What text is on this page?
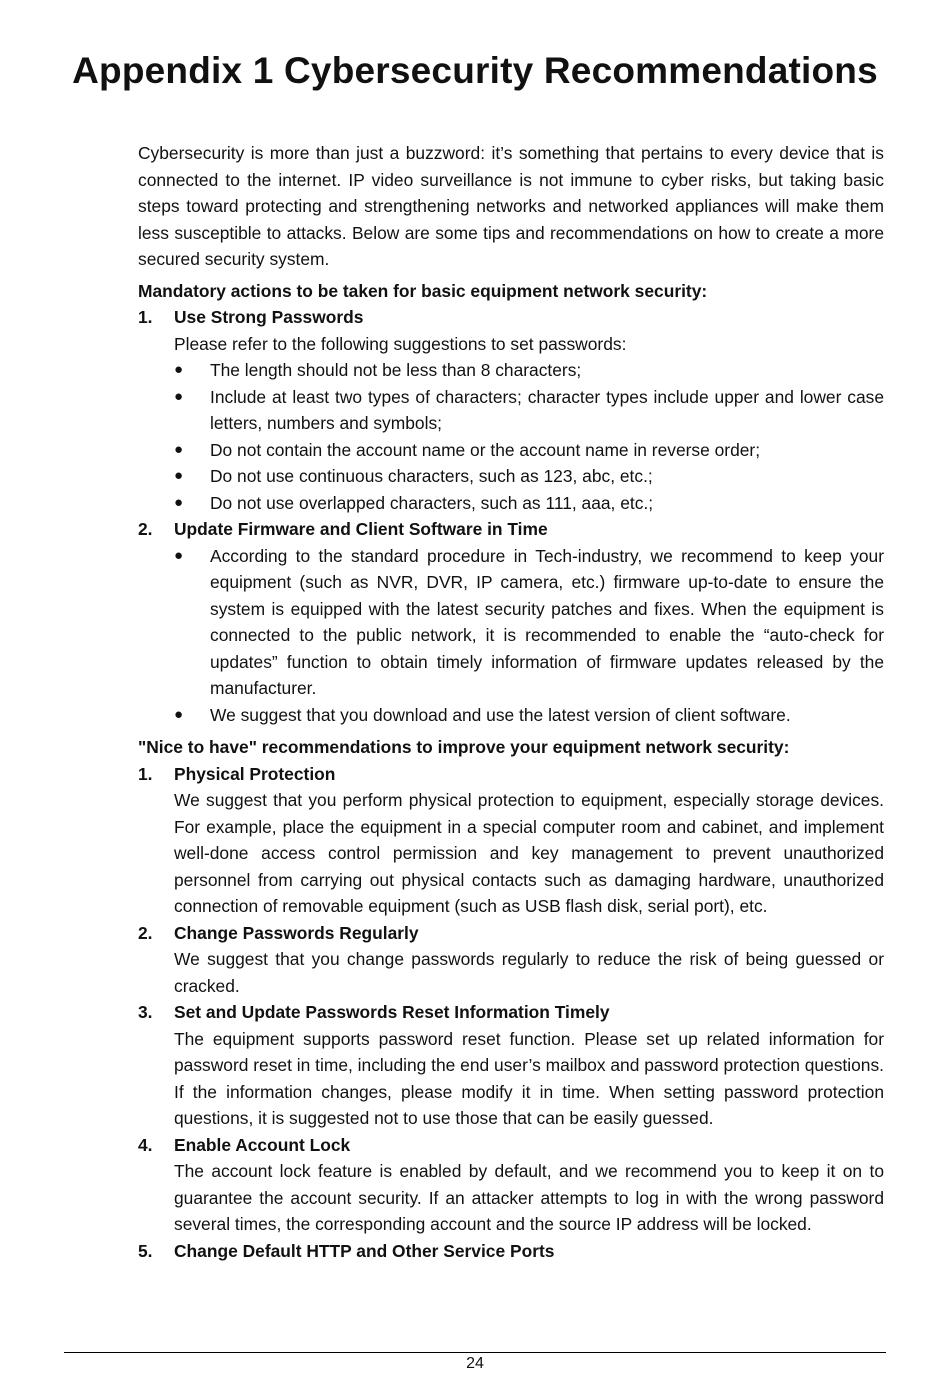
Appendix 1 Cybersecurity Recommendations

Cybersecurity is more than just a buzzword: it’s something that pertains to every device that is connected to the internet. IP video surveillance is not immune to cyber risks, but taking basic steps toward protecting and strengthening networks and networked appliances will make them less susceptible to attacks. Below are some tips and recommendations on how to create a more secured security system.

Mandatory actions to be taken for basic equipment network security:
1. Use Strong Passwords
Please refer to the following suggestions to set passwords:
● The length should not be less than 8 characters;
● Include at least two types of characters; character types include upper and lower case letters, numbers and symbols;
● Do not contain the account name or the account name in reverse order;
● Do not use continuous characters, such as 123, abc, etc.;
● Do not use overlapped characters, such as 111, aaa, etc.;
2. Update Firmware and Client Software in Time
● According to the standard procedure in Tech-industry, we recommend to keep your equipment (such as NVR, DVR, IP camera, etc.) firmware up-to-date to ensure the system is equipped with the latest security patches and fixes. When the equipment is connected to the public network, it is recommended to enable the “auto-check for updates” function to obtain timely information of firmware updates released by the manufacturer.
● We suggest that you download and use the latest version of client software.
"Nice to have" recommendations to improve your equipment network security:
1. Physical Protection
We suggest that you perform physical protection to equipment, especially storage devices. For example, place the equipment in a special computer room and cabinet, and implement well-done access control permission and key management to prevent unauthorized personnel from carrying out physical contacts such as damaging hardware, unauthorized connection of removable equipment (such as USB flash disk, serial port), etc.
2. Change Passwords Regularly
We suggest that you change passwords regularly to reduce the risk of being guessed or cracked.
3. Set and Update Passwords Reset Information Timely
The equipment supports password reset function. Please set up related information for password reset in time, including the end user’s mailbox and password protection questions. If the information changes, please modify it in time. When setting password protection questions, it is suggested not to use those that can be easily guessed.
4. Enable Account Lock
The account lock feature is enabled by default, and we recommend you to keep it on to guarantee the account security. If an attacker attempts to log in with the wrong password several times, the corresponding account and the source IP address will be locked.
5. Change Default HTTP and Other Service Ports
24
